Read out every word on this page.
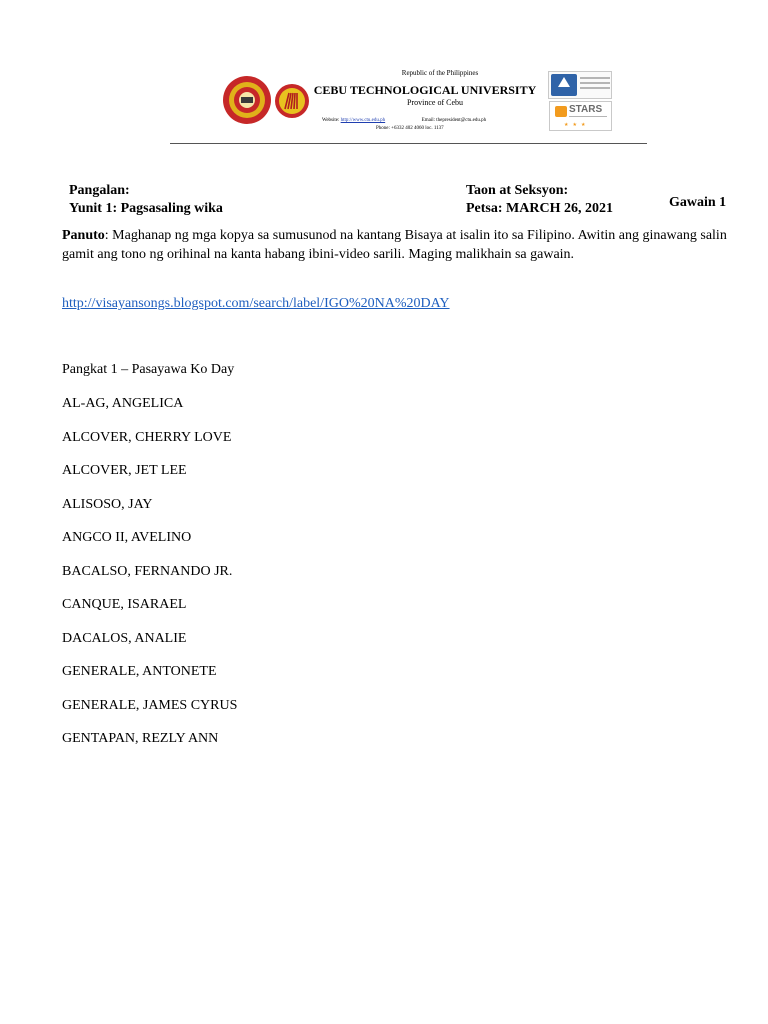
Republic of the Philippines
CEBU TECHNOLOGICAL UNIVERSITY
Province of Cebu
Website: http://www.ctu.edu.ph	Email: thepresident@ctu.edu.ph
Phone: +6332 402 4060 loc. 1137
STARS
★★★
Pangalan:
Yunit 1: Pagsasaling wika
Taon at Seksyon:
Petsa: MARCH 26, 2021	Gawain 1
Panuto: Maghanap ng mga kopya sa sumusunod na kantang Bisaya at isalin ito sa Filipino. Awitin ang ginawang salin gamit ang tono ng orihinal na kanta habang ibini-video sarili. Maging malikhain sa gawain.
http://visayansongs.blogspot.com/search/label/IGO%20NA%20DAY
Pangkat 1 – Pasayawa Ko Day
AL-AG, ANGELICA
ALCOVER, CHERRY LOVE
ALCOVER, JET LEE
ALISOSO, JAY
ANGCO II, AVELINO
BACALSO, FERNANDO JR.
CANQUE, ISARAEL
DACALOS, ANALIE
GENERALE, ANTONETE
GENERALE, JAMES CYRUS
GENTAPAN, REZLY ANN
